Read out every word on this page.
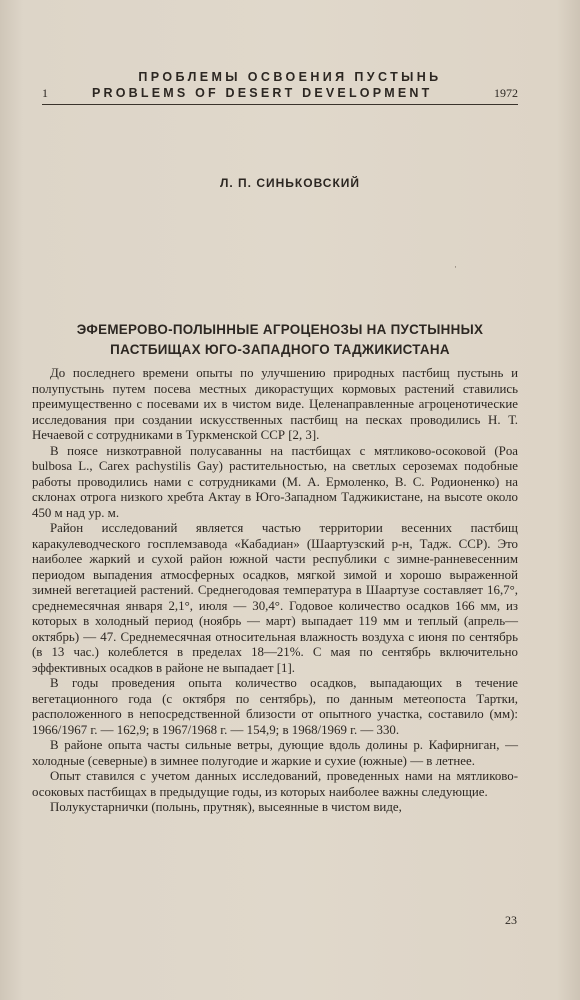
ПРОБЛЕМЫ ОСВОЕНИЯ ПУСТЫНЬ
1	PROBLEMS OF DESERT DEVELOPMENT	1972
Л. П. СИНЬКОВСКИЙ
·
ЭФЕМЕРОВО-ПОЛЫННЫЕ АГРОЦЕНОЗЫ НА ПУСТЫННЫХ
ПАСТБИЩАХ ЮГО-ЗАПАДНОГО ТАДЖИКИСТАНА

До последнего времени опыты по улучшению природных пастбищ пустынь и полупустынь путем посева местных дикорастущих кормовых растений ставились преимущественно с посевами их в чистом виде. Целенаправленные агроценотические исследования при создании искусственных пастбищ на песках проводились Н. Т. Нечаевой с сотрудниками в Туркменской ССР [2, 3].

В поясе низкотравной полусаванны на пастбищах с мятликово-осоковой (Poa bulbosa L., Carex pachystilis Gay) растительностью, на светлых сероземах подобные работы проводились нами с сотрудниками (М. А. Ермоленко, В. С. Родионенко) на склонах отрога низкого хребта Актау в Юго-Западном Таджикистане, на высоте около 450 м над ур. м.

Район исследований является частью территории весенних пастбищ каракулеводческого госплемзавода «Кабадиан» (Шаартузский р-н, Тадж. ССР). Это наиболее жаркий и сухой район южной части республики с зимне-ранневесенним периодом выпадения атмосферных осадков, мягкой зимой и хорошо выраженной зимней вегетацией растений. Среднегодовая температура в Шаартузе составляет 16,7°, среднемесячная января 2,1°, июля — 30,4°. Годовое количество осадков 166 мм, из которых в холодный период (ноябрь — март) выпадает 119 мм и теплый (апрель—октябрь) — 47. Среднемесячная относительная влажность воздуха с июня по сентябрь (в 13 час.) колеблется в пределах 18—21%. С мая по сентябрь включительно эффективных осадков в районе не выпадает [1].

В годы проведения опыта количество осадков, выпадающих в течение вегетационного года (с октября по сентябрь), по данным метеопоста Тартки, расположенного в непосредственной близости от опытного участка, составило (мм): 1966/1967 г. — 162,9; в 1967/1968 г. — 154,9; в 1968/1969 г. — 330.

В районе опыта часты сильные ветры, дующие вдоль долины р. Кафирниган, — холодные (северные) в зимнее полугодие и жаркие и сухие (южные) — в летнее.

Опыт ставился с учетом данных исследований, проведенных нами на мятликово-осоковых пастбищах в предыдущие годы, из которых наиболее важны следующие.

Полукустарнички (полынь, прутняк), высеянные в чистом виде,

23
